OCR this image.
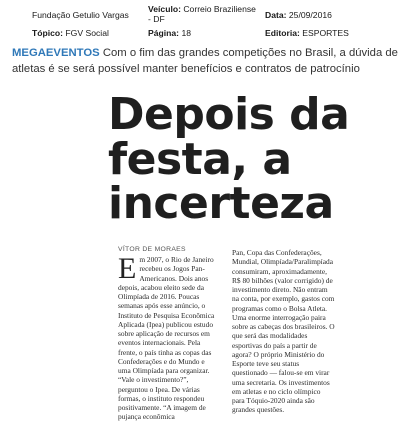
Fundação Getulio Vargas
Veículo: Correio Braziliense - DF	Data: 25/09/2016
Tópico: FGV Social	Página: 18	Editoria: ESPORTES
MEGAEVENTOS Com o fim das grandes competições no Brasil, a dúvida de atletas é se será possível manter benefícios e contratos de patrocínio
Depois da festa, a incerteza
VÍTOR DE MORAES
Em 2007, o Rio de Janeiro recebeu os Jogos Pan-Americanos. Dois anos depois, acabou eleito sede da Olimpíada de 2016. Poucas semanas após esse anúncio, o Instituto de Pesquisa Econômica Aplicada (Ipea) publicou estudo sobre aplicação de recursos em eventos internacionais. Pela frente, o país tinha as copas das Confederações e do Mundo e uma Olimpíada para organizar. “Vale o investimento?”, perguntou o Ipea. De várias formas, o instituto respondeu positivamente. “A imagem de pujança econômica
Pan, Copa das Confederações, Mundial, Olimpíada/Paralimpíada consumiram, aproximadamente, R$ 80 bilhões (valor corrigido) de investimento direto. Não entram na conta, por exemplo, gastos com programas como o Bolsa Atleta. Uma enorme interrogação paira sobre as cabeças dos brasileiros. O que será das modalidades esportivas do país a partir de agora? O próprio Ministério do Esporte teve seu status questionado — falou-se em virar uma secretaria. Os investimentos em atletas e no ciclo olímpico para Tóquio-2020 ainda são grandes questões.
